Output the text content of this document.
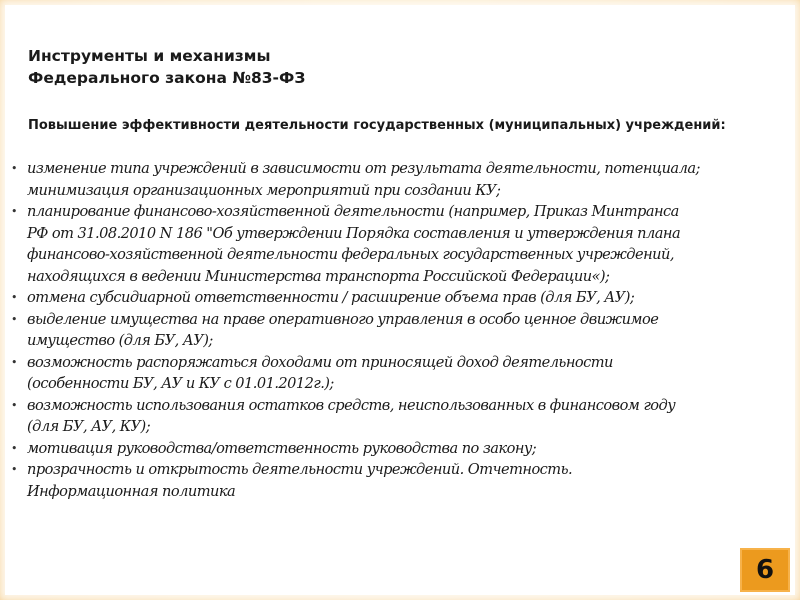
Инструменты и механизмы
Федерального закона №83-ФЗ

Повышение эффективности деятельности государственных (муниципальных) учреждений:

• изменение типа учреждений в зависимости от результата деятельности, потенциала;
минимизация организационных мероприятий при создании КУ;
• планирование финансово-хозяйственной деятельности (например, Приказ Минтранса
РФ от 31.08.2010 N 186 "Об утверждении Порядка составления и утверждения плана
финансово-хозяйственной деятельности федеральных государственных учреждений,
находящихся в ведении Министерства транспорта Российской Федерации«);
• отмена субсидиарной ответственности / расширение объема прав (для БУ, АУ);
• выделение имущества на праве оперативного управления в особо ценное движимое
имущество (для БУ, АУ);
• возможность распоряжаться доходами от приносящей доход деятельности
(особенности БУ, АУ и КУ с 01.01.2012г.);
• возможность использования остатков средств, неиспользованных в финансовом году
(для БУ, АУ, КУ);
• мотивация руководства/ответственность руководства по закону;
• прозрачность и открытость деятельности учреждений. Отчетность.
Информационная политика
6
